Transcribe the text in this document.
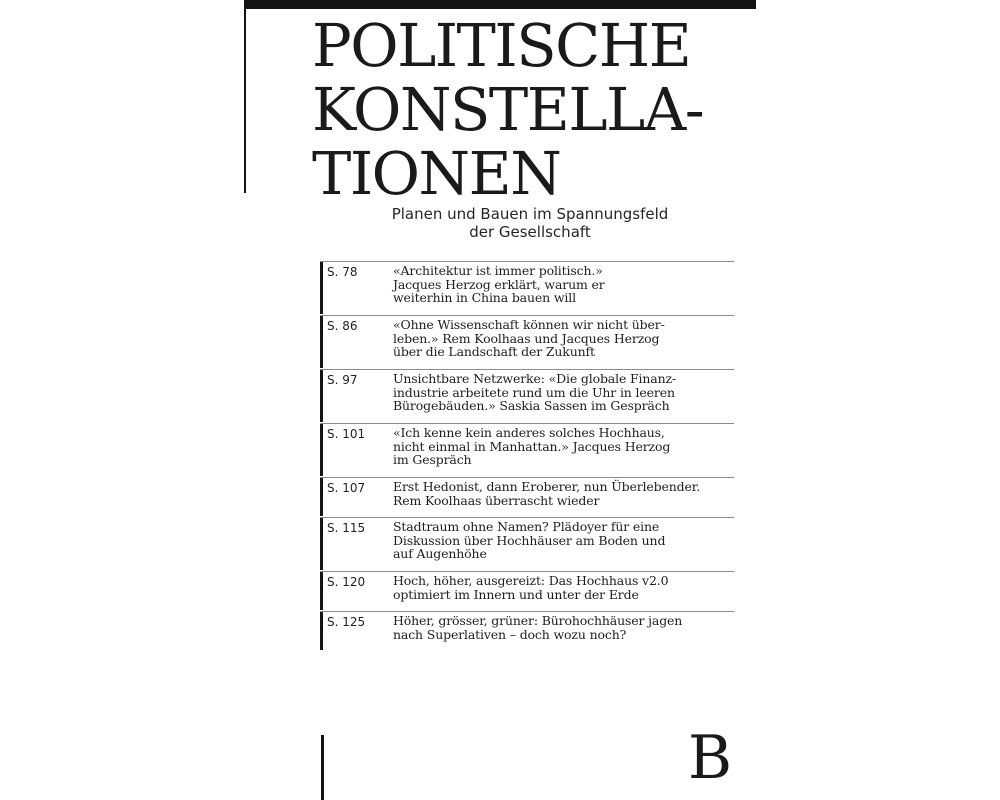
POLITISCHE
KONSTELLA-
TIONEN

Planen und Bauen im Spannungsfeld
der Gesellschaft

S. 78	«Architektur ist immer politisch.»
Jacques Herzog erklärt, warum er
weiterhin in China bauen will
S. 86	«Ohne Wissenschaft können wir nicht über-
leben.» Rem Koolhaas und Jacques Herzog
über die Landschaft der Zukunft
S. 97	Unsichtbare Netzwerke: «Die globale Finanz-
industrie arbeitete rund um die Uhr in leeren
Bürogebäuden.» Saskia Sassen im Gespräch
S. 101 «Ich kenne kein anderes solches Hochhaus,
nicht einmal in Manhattan.» Jacques Herzog
im Gespräch
S. 107 Erst Hedonist, dann Eroberer, nun Überlebender.
Rem Koolhaas überrascht wieder
S. 115 Stadtraum ohne Namen? Plädoyer für eine
Diskussion über Hochhäuser am Boden und
auf Augenhöhe
S. 120 Hoch, höher, ausgereizt: Das Hochhaus v2.0
optimiert im Innern und unter der Erde
S. 125 Höher, grösser, grüner: Bürohochhäuser jagen
nach Superlativen – doch wozu noch?
B
